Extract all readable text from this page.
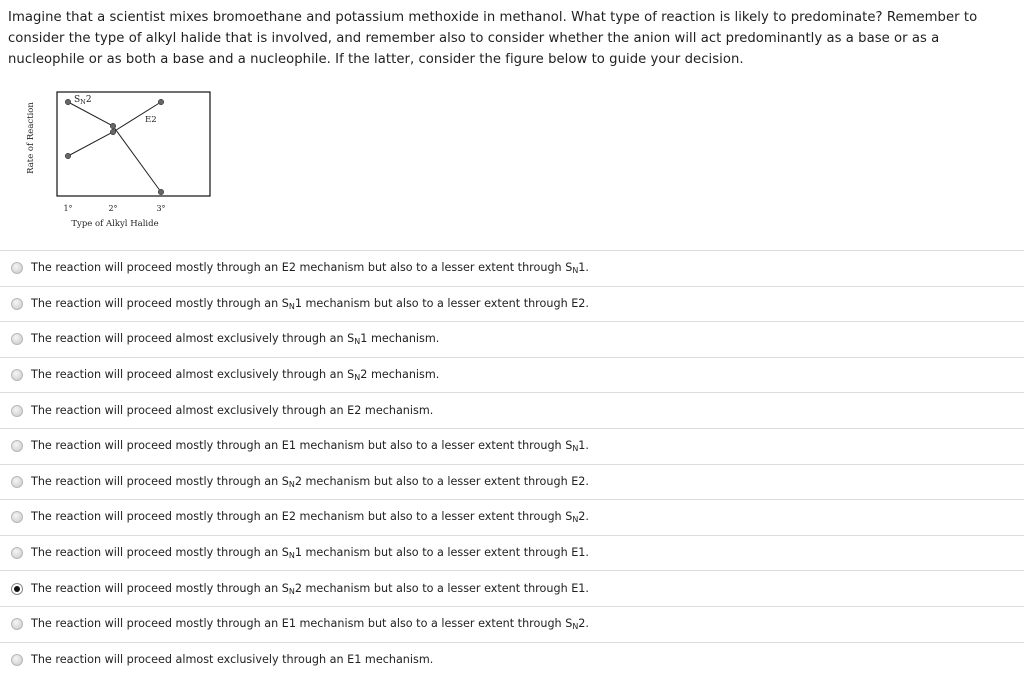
Imagine that a scientist mixes bromoethane and potassium methoxide in methanol. What type of reaction is likely to predominate? Remember to consider the type of alkyl halide that is involved, and remember also to consider whether the anion will act predominantly as a base or as a nucleophile or as both a base and a nucleophile. If the latter, consider the figure below to guide your decision.
Rate of Reaction
Type of Alkyl Halide
1°	2°	3°
$S_N2$
E2
The reaction will proceed mostly through an E2 mechanism but also to a lesser extent through $S_N1$.
The reaction will proceed mostly through an $S_N1$ mechanism but also to a lesser extent through E2.
The reaction will proceed almost exclusively through an $S_N1$ mechanism.
The reaction will proceed almost exclusively through an $S_N2$ mechanism.
The reaction will proceed almost exclusively through an E2 mechanism.
The reaction will proceed mostly through an E1 mechanism but also to a lesser extent through $S_N1$.
The reaction will proceed mostly through an $S_N2$ mechanism but also to a lesser extent through E2.
The reaction will proceed mostly through an E2 mechanism but also to a lesser extent through $S_N2$.
The reaction will proceed mostly through an $S_N1$ mechanism but also to a lesser extent through E1.
The reaction will proceed mostly through an $S_N2$ mechanism but also to a lesser extent through E1.
The reaction will proceed mostly through an E1 mechanism but also to a lesser extent through $S_N2$.
The reaction will proceed almost exclusively through an E1 mechanism.
